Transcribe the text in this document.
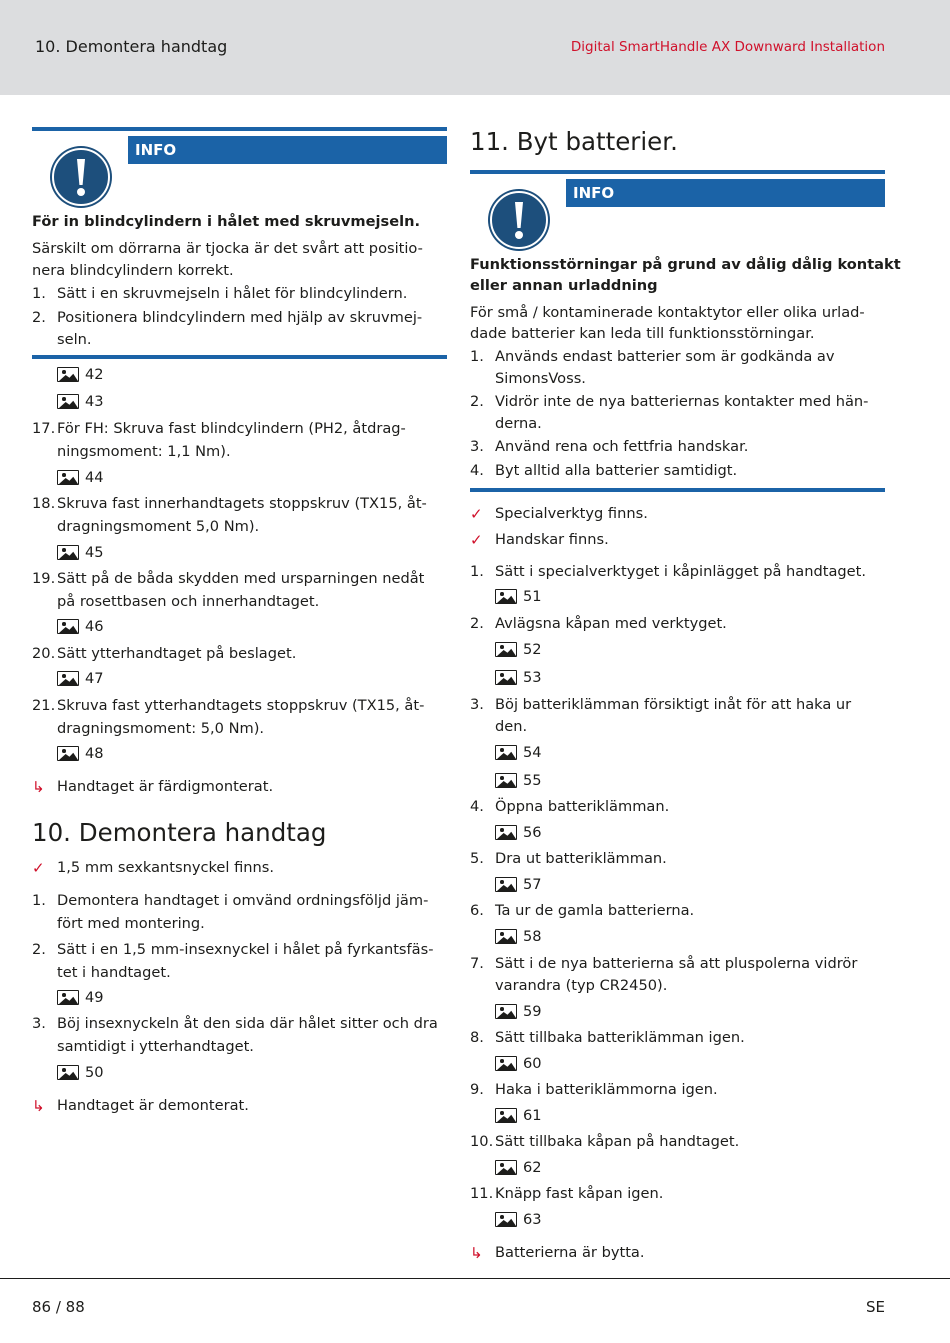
10. Demontera handtag	Digital SmartHandle AX Downward Installation
INFO
För in blindcylindern i hålet med skruvmejseln.
Särskilt om dörrarna är tjocka är det svårt att positio-
nera blindcylindern korrekt.
1. Sätt i en skruvmejseln i hålet för blindcylindern.
2. Positionera blindcylindern med hjälp av skruvmej-
seln.
42
43
17. För FH: Skruva fast blindcylindern (PH2, åtdrag-
ningsmoment: 1,1 Nm).
44
18. Skruva fast innerhandtagets stoppskruv (TX15, åt-
dragningsmoment 5,0 Nm).
45
19. Sätt på de båda skydden med ursparningen nedåt
på rosettbasen och innerhandtaget.
46
20. Sätt ytterhandtaget på beslaget.
47
21. Skruva fast ytterhandtagets stoppskruv (TX15, åt-
dragningsmoment: 5,0 Nm).
48
↳ Handtaget är färdigmonterat.
10. Demontera handtag
✓ 1,5 mm sexkantsnyckel finns.
1. Demontera handtaget i omvänd ordningsföljd jäm-
fört med montering.
2. Sätt i en 1,5 mm-insexnyckel i hålet på fyrkantsfäs-
tet i handtaget.
49
3. Böj insexnyckeln åt den sida där hålet sitter och dra
samtidigt i ytterhandtaget.
50
↳ Handtaget är demonterat.
11. Byt batterier.
INFO
Funktionsstörningar på grund av dålig dålig kontakt
eller annan urladdning
För små / kontaminerade kontaktytor eller olika urlad-
dade batterier kan leda till funktionsstörningar.
1. Används endast batterier som är godkända av
SimonsVoss.
2. Vidrör inte de nya batteriernas kontakter med hän-
derna.
3. Använd rena och fettfria handskar.
4. Byt alltid alla batterier samtidigt.
✓ Specialverktyg finns.
✓ Handskar finns.
1. Sätt i specialverktyget i kåpinlägget på handtaget.
51
2. Avlägsna kåpan med verktyget.
52
53
3. Böj batteriklämman försiktigt inåt för att haka ur
den.
54
55
4. Öppna batteriklämman.
56
5. Dra ut batteriklämman.
57
6. Ta ur de gamla batterierna.
58
7. Sätt i de nya batterierna så att pluspolerna vidrör
varandra (typ CR2450).
59
8. Sätt tillbaka batteriklämman igen.
60
9. Haka i batteriklämmorna igen.
61
10. Sätt tillbaka kåpan på handtaget.
62
11. Knäpp fast kåpan igen.
63
↳ Batterierna är bytta.
86 / 88	SE
